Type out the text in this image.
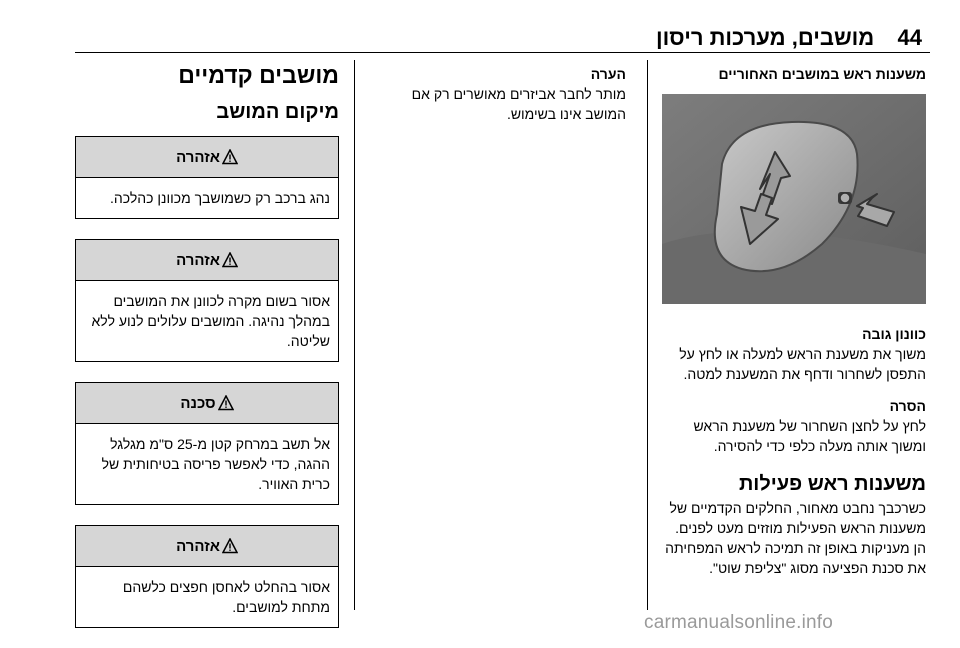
44
מושבים, מערכות ריסון

משענות ראש במושבים האחוריים

כוונון גובה

משוך את משענת הראש למעלה או לחץ על התפסן לשחרור ודחף את המשענת למטה.

הסרה

לחץ על לחצן השחרור של משענת הראש ומשוך אותה מעלה כלפי כדי להסירה.

משענות ראש פעילות

כשרכבך נחבט מאחור, החלקים הקדמיים של משענות הראש הפעילות מוזזים מעט לפנים. הן מעניקות באופן זה תמיכה לראש המפחיתה את סכנת הפציעה מסוג "צליפת שוט".

הערה

מותר לחבר אביזרים מאושרים רק אם המושב אינו בשימוש.

מושבים קדמיים

מיקום המושב

אזהרה
נהג ברכב רק כשמושבך מכוונן כהלכה.
אזהרה
אסור בשום מקרה לכוונן את המושבים במהלך נהיגה. המושבים עלולים לנוע ללא שליטה.
סכנה
אל תשב במרחק קטן מ-25 ס"מ מגלגל ההגה, כדי לאפשר פריסה בטיחותית של כרית האוויר.
אזהרה
אסור בהחלט לאחסן חפצים כלשהם מתחת למושבים.
carmanualsonline.info
